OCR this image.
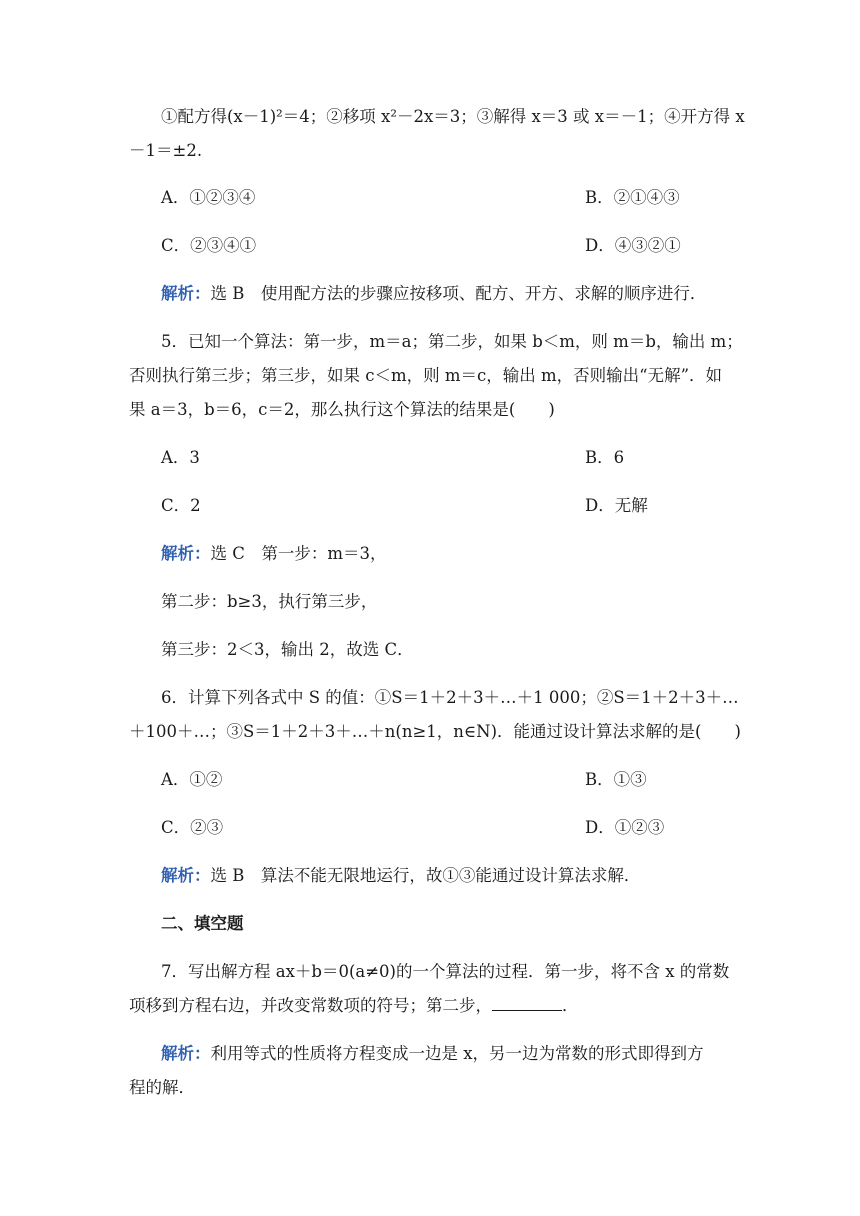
①配方得(x－1)²＝4；②移项 x²－2x＝3；③解得 x＝3 或 x＝－1；④开方得 x
－1＝±2.
A．①②③④	B．②①④③
C．②③④①	D．④③②①
解析：选 B　使用配方法的步骤应按移项、配方、开方、求解的顺序进行．
5．已知一个算法：第一步，m＝a；第二步，如果 b＜m，则 m＝b，输出 m；
否则执行第三步；第三步，如果 c＜m，则 m＝c，输出 m，否则输出“无解”．如
果 a＝3，b＝6，c＝2，那么执行这个算法的结果是(　　)
A．3	B．6
C．2	D．无解
解析：选 C　第一步：m＝3，
第二步：b≥3，执行第三步，
第三步：2＜3，输出 2，故选 C．
6．计算下列各式中 S 的值：①S＝1＋2＋3＋…＋1 000；②S＝1＋2＋3＋…
＋100＋…；③S＝1＋2＋3＋…＋n(n≥1，n∈N)．能通过设计算法求解的是(　　)
A．①②	B．①③
C．②③	D．①②③
解析：选 B　算法不能无限地运行，故①③能通过设计算法求解．
二、填空题
7．写出解方程 ax＋b＝0(a≠0)的一个算法的过程．第一步，将不含 x 的常数
项移到方程右边，并改变常数项的符号；第二步，	．
解析：利用等式的性质将方程变成一边是 x，另一边为常数的形式即得到方
程的解．
